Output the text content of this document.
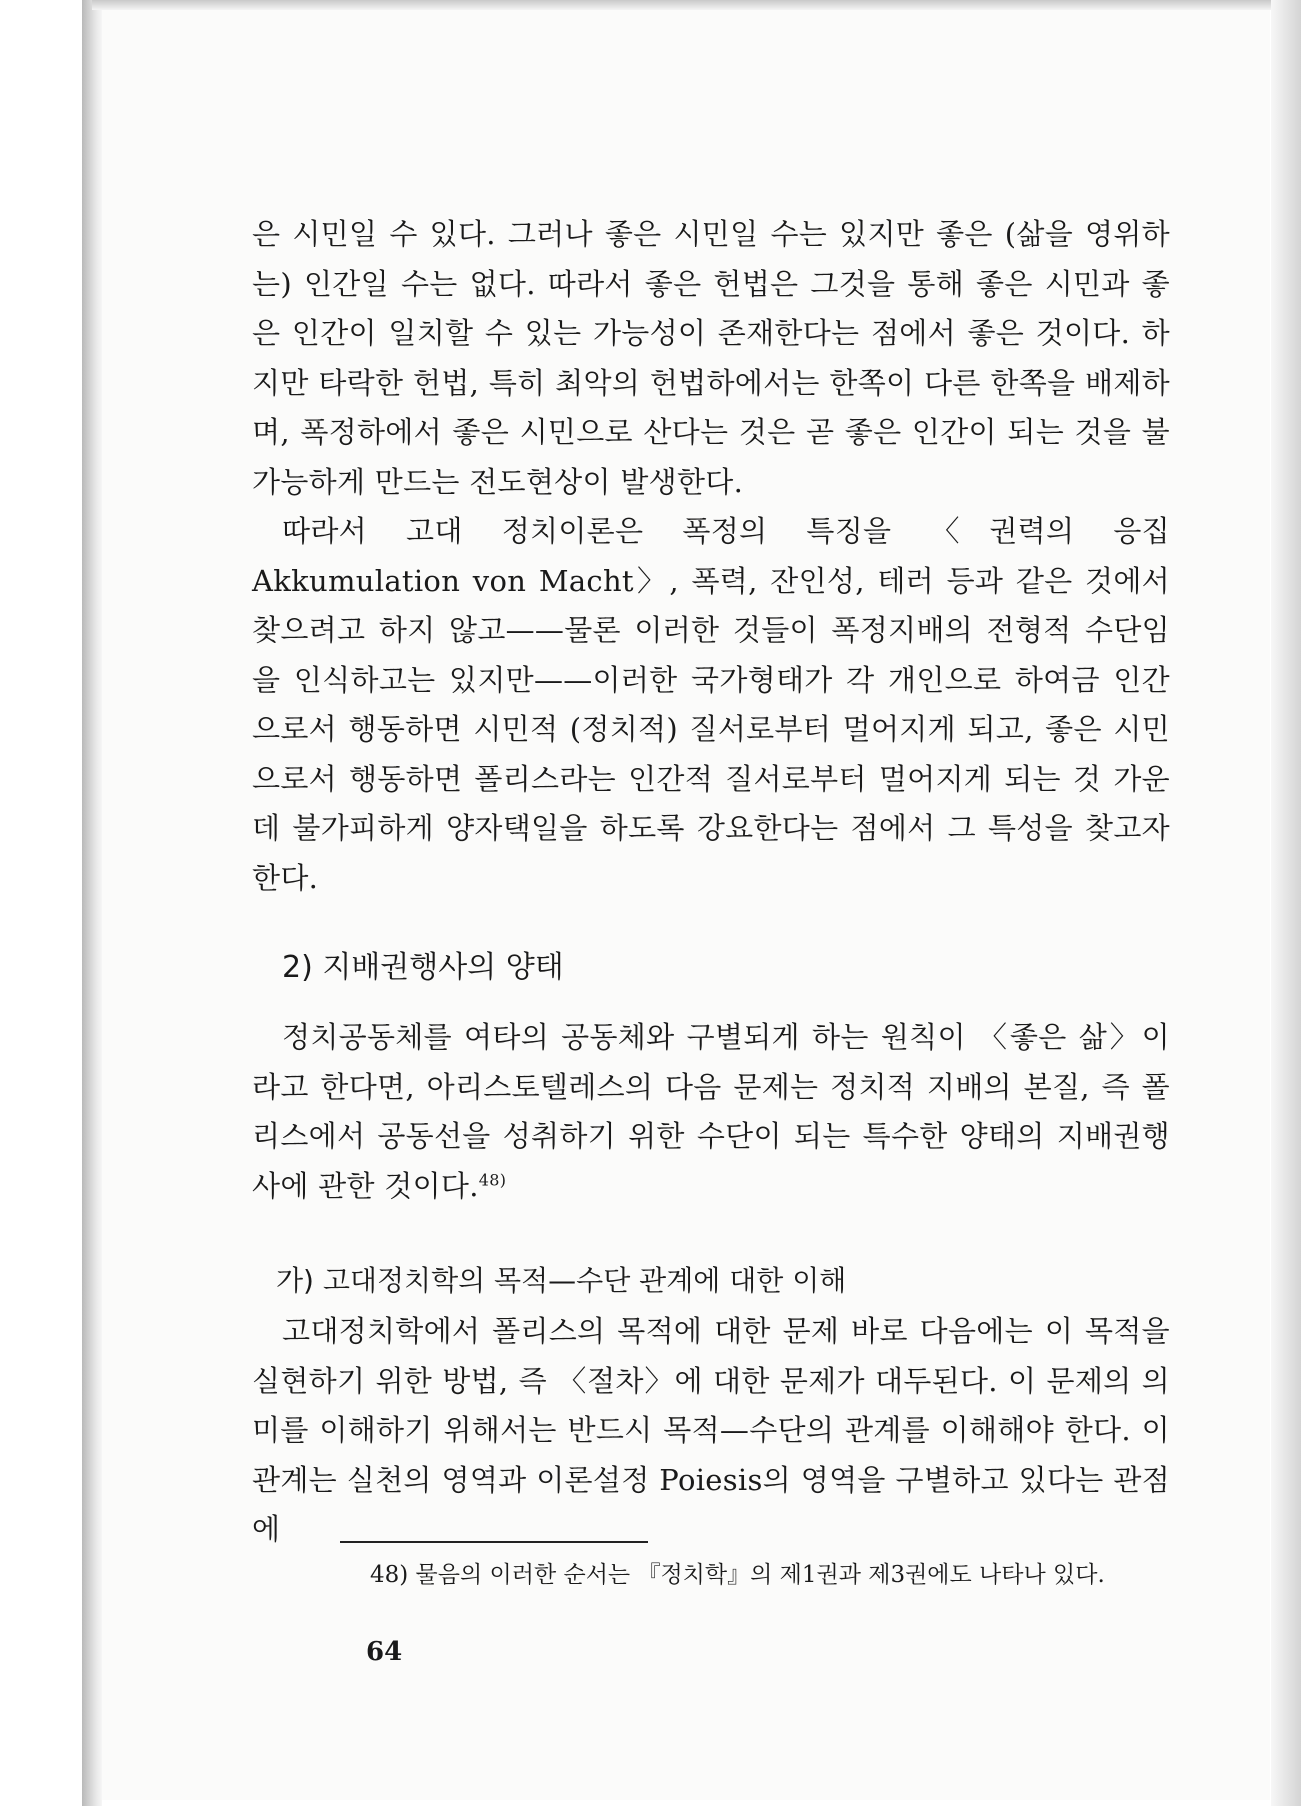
은 시민일 수 있다. 그러나 좋은 시민일 수는 있지만 좋은 (삶을 영위하는) 인간일 수는 없다. 따라서 좋은 헌법은 그것을 통해 좋은 시민과 좋은 인간이 일치할 수 있는 가능성이 존재한다는 점에서 좋은 것이다. 하지만 타락한 헌법, 특히 최악의 헌법하에서는 한쪽이 다른 한쪽을 배제하며, 폭정하에서 좋은 시민으로 산다는 것은 곧 좋은 인간이 되는 것을 불가능하게 만드는 전도현상이 발생한다.

따라서 고대 정치이론은 폭정의 특징을 〈권력의 응집 Akkumulation von Macht〉, 폭력, 잔인성, 테러 등과 같은 것에서 찾으려고 하지 않고——물론 이러한 것들이 폭정지배의 전형적 수단임을 인식하고는 있지만——이러한 국가형태가 각 개인으로 하여금 인간으로서 행동하면 시민적 (정치적) 질서로부터 멀어지게 되고, 좋은 시민으로서 행동하면 폴리스라는 인간적 질서로부터 멀어지게 되는 것 가운데 불가피하게 양자택일을 하도록 강요한다는 점에서 그 특성을 찾고자 한다.

2) 지배권행사의 양태

정치공동체를 여타의 공동체와 구별되게 하는 원칙이 〈좋은 삶〉이라고 한다면, 아리스토텔레스의 다음 문제는 정치적 지배의 본질, 즉 폴리스에서 공동선을 성취하기 위한 수단이 되는 특수한 양태의 지배권행사에 관한 것이다.$^{48)}$

가) 고대정치학의 목적—수단 관계에 대한 이해

고대정치학에서 폴리스의 목적에 대한 문제 바로 다음에는 이 목적을 실현하기 위한 방법, 즉 〈절차〉에 대한 문제가 대두된다. 이 문제의 의미를 이해하기 위해서는 반드시 목적—수단의 관계를 이해해야 한다. 이 관계는 실천의 영역과 이론설정 Poiesis의 영역을 구별하고 있다는 관점에

48) 물음의 이러한 순서는 『정치학』의 제1권과 제3권에도 나타나 있다.
64
